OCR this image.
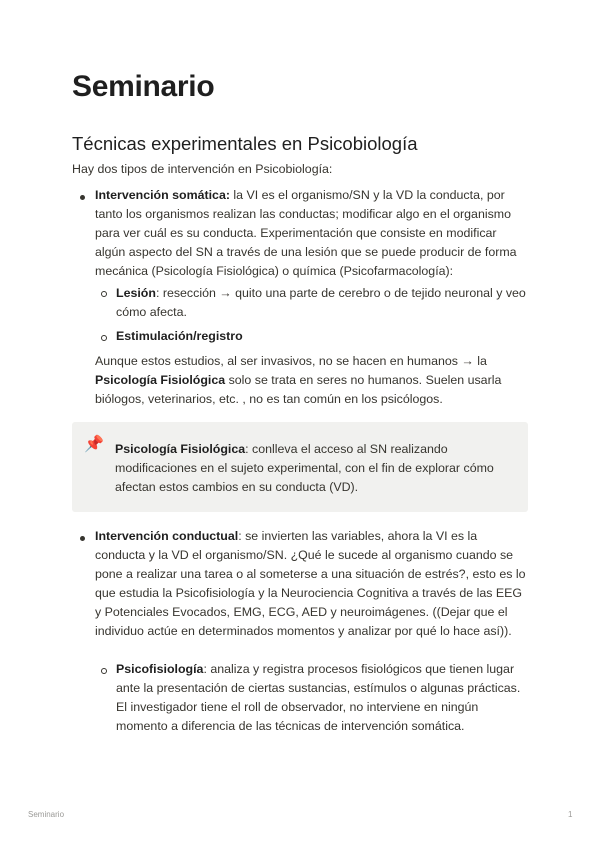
Seminario
Técnicas experimentales en Psicobiología

Hay dos tipos de intervención en Psicobiología:

Intervención somática: la VI es el organismo/SN y la VD la conducta, por tanto los organismos realizan las conductas; modificar algo en el organismo para ver cuál es su conducta. Experimentación que consiste en modificar algún aspecto del SN a través de una lesión que se puede producir de forma mecánica (Psicología Fisiológica) o química (Psicofarmacología):

Lesión: resección → quito una parte de cerebro o de tejido neuronal y veo cómo afecta.

Estimulación/registro

Aunque estos estudios, al ser invasivos, no se hacen en humanos → la Psicología Fisiológica solo se trata en seres no humanos. Suelen usarla biólogos, veterinarios, etc. , no es tan común en los psicólogos.

📌 Psicología Fisiológica: conlleva el acceso al SN realizando modificaciones en el sujeto experimental, con el fin de explorar cómo afectan estos cambios en su conducta (VD).

Intervención conductual: se invierten las variables, ahora la VI es la conducta y la VD el organismo/SN. ¿Qué le sucede al organismo cuando se pone a realizar una tarea o al someterse a una situación de estrés?, esto es lo que estudia la Psicofisiología y la Neurociencia Cognitiva a través de las EEG y Potenciales Evocados, EMG, ECG, AED y neuroimágenes. ((Dejar que el individuo actúe en determinados momentos y analizar por qué lo hace así)).

Psicofisiología: analiza y registra procesos fisiológicos que tienen lugar ante la presentación de ciertas sustancias, estímulos o algunas prácticas. El investigador tiene el roll de observador, no interviene en ningún momento a diferencia de las técnicas de intervención somática.

Seminario	1
